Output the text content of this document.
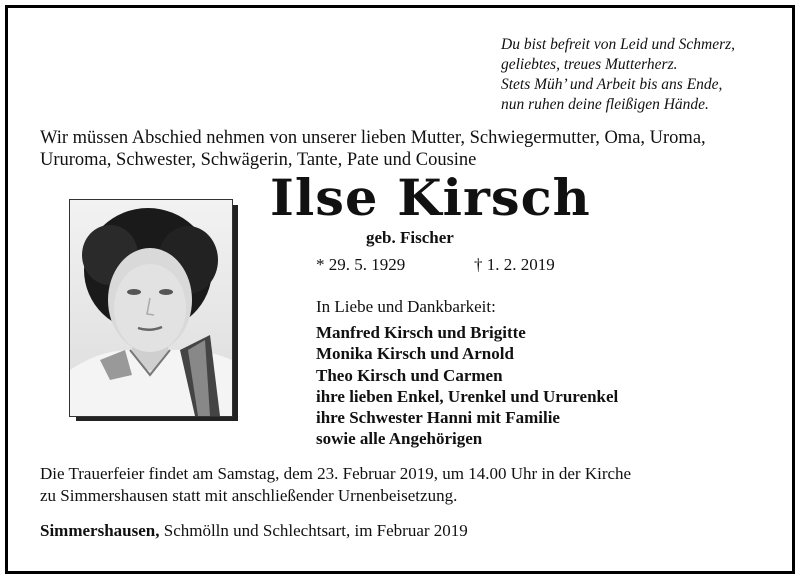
Du bist befreit von Leid und Schmerz,
geliebtes, treues Mutterherz.
Stets Müh’ und Arbeit bis ans Ende,
nun ruhen deine fleißigen Hände.
Wir müssen Abschied nehmen von unserer lieben Mutter, Schwiegermutter, Oma, Uroma,
Ururoma, Schwester, Schwägerin, Tante, Pate und Cousine
Ilse Kirsch
geb. Fischer
* 29. 5. 1929	† 1. 2. 2019
In Liebe und Dankbarkeit:
Manfred Kirsch und Brigitte
Monika Kirsch und Arnold
Theo Kirsch und Carmen
ihre lieben Enkel, Urenkel und Ururenkel
ihre Schwester Hanni mit Familie
sowie alle Angehörigen
Die Trauerfeier findet am Samstag, dem 23. Februar 2019, um 14.00 Uhr in der Kirche
zu Simmershausen statt mit anschließender Urnenbeisetzung.
Simmershausen, Schmölln und Schlechtsart, im Februar 2019
